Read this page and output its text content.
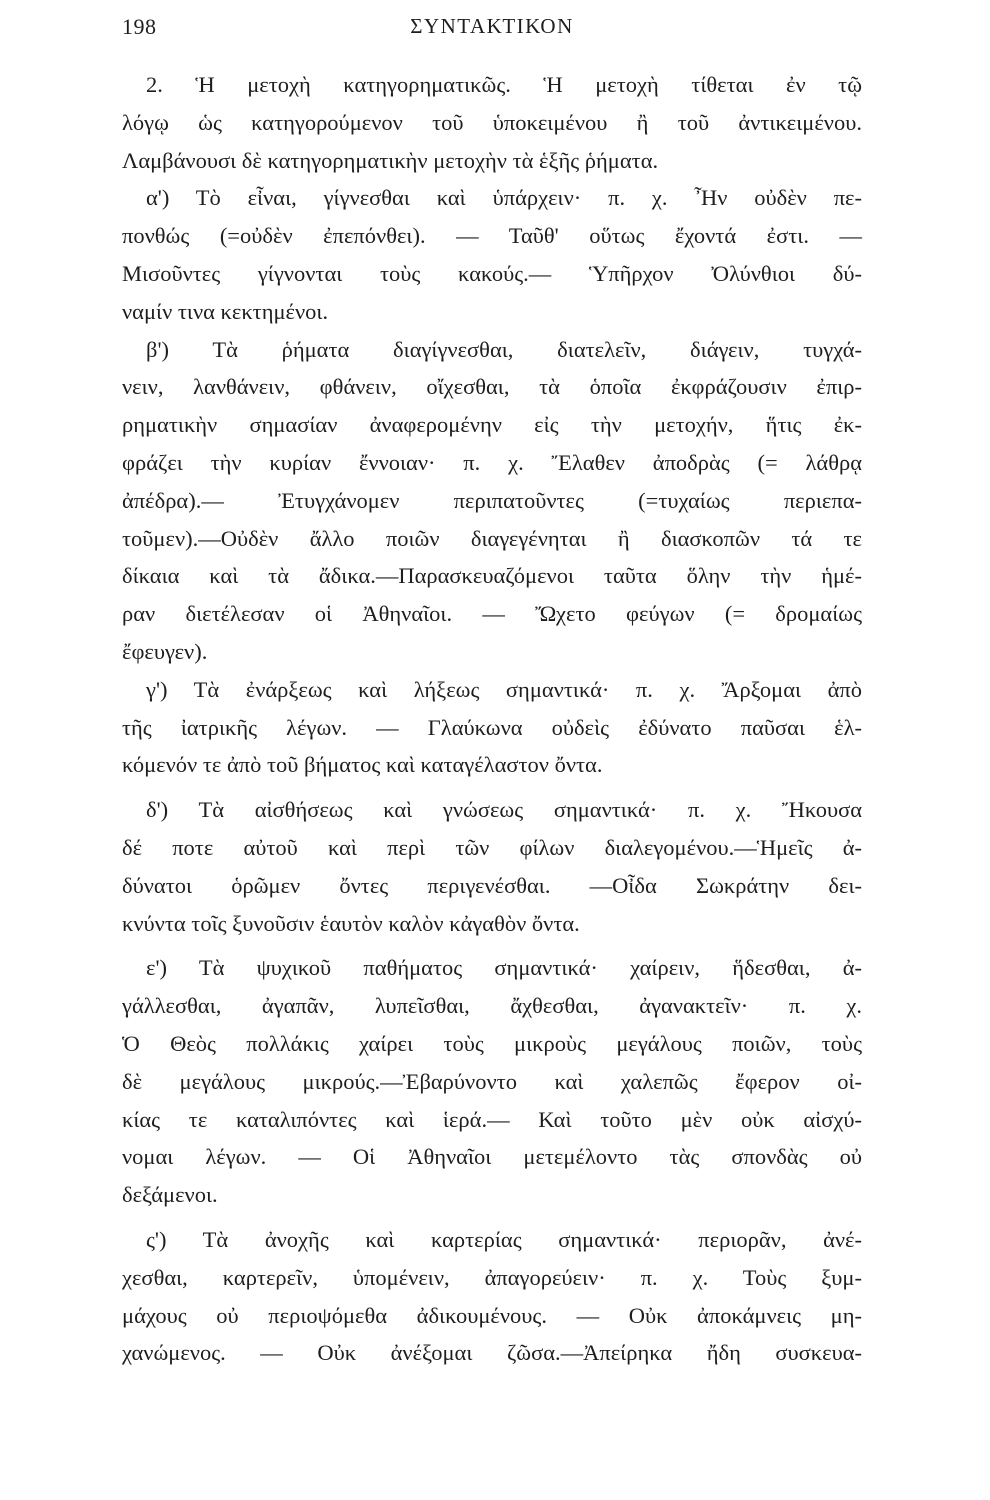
198	ΣΥΝΤΑΚΤΙΚΟΝ
2. Ἡ μετοχὴ κατηγορηματικῶς. Ἡ μετοχὴ τίθεται ἐν τῷ
λόγῳ ὡς κατηγορούμενον τοῦ ὑποκειμένου ἢ τοῦ ἀντικειμένου.
Λαμβάνουσι δὲ κατηγορηματικὴν μετοχὴν τὰ ἑξῆς ῥήματα.
α') Τὸ εἶναι, γίγνεσθαι καὶ ὑπάρχειν· π. χ. Ἦν οὐδὲν πε-
πονθώς (=οὐδὲν ἐπεπόνθει). — Ταῦθ' οὕτως ἔχοντά ἐστι. —
Μισοῦντες γίγνονται τοὺς κακούς.— Ὑπῆρχον Ὀλύνθιοι δύ-
ναμίν τινα κεκτημένοι.
β') Τὰ ῥήματα διαγίγνεσθαι, διατελεῖν, διάγειν, τυγχά-
νειν, λανθάνειν, φθάνειν, οἴχεσθαι, τὰ ὁποῖα ἐκφράζουσιν ἐπιρ-
ρηματικὴν σημασίαν ἀναφερομένην εἰς τὴν μετοχήν, ἥτις ἐκ-
φράζει τὴν κυρίαν ἔννοιαν· π. χ. Ἔλαθεν ἀποδρὰς (= λάθρᾳ
ἀπέδρα).— Ἐτυγχάνομεν περιπατοῦντες (=τυχαίως περιεπα-
τοῦμεν).—Οὐδὲν ἄλλο ποιῶν διαγεγένηται ἢ διασκοπῶν τά τε
δίκαια καὶ τὰ ἄδικα.—Παρασκευαζόμενοι ταῦτα ὅλην τὴν ἡμέ-
ραν διετέλεσαν οἱ Ἀθηναῖοι. — Ὤχετο φεύγων (= δρομαίως
ἔφευγεν).
γ') Τὰ ἐνάρξεως καὶ λήξεως σημαντικά· π. χ. Ἄρξομαι ἀπὸ
τῆς ἰατρικῆς λέγων. — Γλαύκωνα οὐδεὶς ἐδύνατο παῦσαι ἑλ-
κόμενόν τε ἀπὸ τοῦ βήματος καὶ καταγέλαστον ὄντα.
δ') Τὰ αἰσθήσεως καὶ γνώσεως σημαντικά· π. χ. Ἤκουσα
δέ ποτε αὐτοῦ καὶ περὶ τῶν φίλων διαλεγομένου.—Ἡμεῖς ἀ-
δύνατοι ὁρῶμεν ὄντες περιγενέσθαι. —Οἶδα Σωκράτην δει-
κνύντα τοῖς ξυνοῦσιν ἑαυτὸν καλὸν κἀγαθὸν ὄντα.
ε') Τὰ ψυχικοῦ παθήματος σημαντικά· χαίρειν, ἥδεσθαι, ἀ-
γάλλεσθαι, ἀγαπᾶν, λυπεῖσθαι, ἄχθεσθαι, ἀγανακτεῖν· π. χ.
Ὁ Θεὸς πολλάκις χαίρει τοὺς μικροὺς μεγάλους ποιῶν, τοὺς
δὲ μεγάλους μικρούς.—Ἐβαρύνοντο καὶ χαλεπῶς ἔφερον οἰ-
κίας τε καταλιπόντες καὶ ἱερά.— Καὶ τοῦτο μὲν οὐκ αἰσχύ-
νομαι λέγων. — Οἱ Ἀθηναῖοι μετεμέλοντο τὰς σπονδὰς οὐ
δεξάμενοι.
ς') Τὰ ἀνοχῆς καὶ καρτερίας σημαντικά· περιορᾶν, ἀνέ-
χεσθαι, καρτερεῖν, ὑπομένειν, ἀπαγορεύειν· π. χ. Τοὺς ξυμ-
μάχους οὐ περιοψόμεθα ἀδικουμένους. — Οὐκ ἀποκάμνεις μη-
χανώμενος. — Οὐκ ἀνέξομαι ζῶσα.—Ἀπείρηκα ἤδη συσκευα-
